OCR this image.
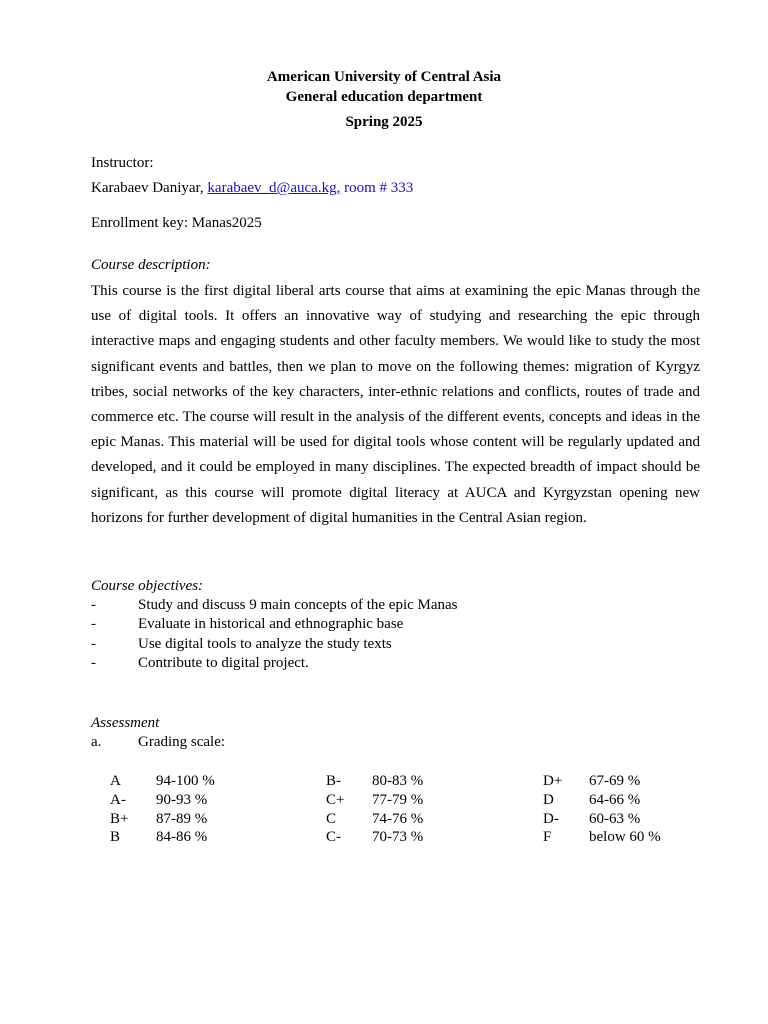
American University of Central Asia
General education department
Spring 2025
Instructor:
Karabaev Daniyar, karabaev_d@auca.kg, room # 333
Enrollment key: Manas2025
Course description:

This course is the first digital liberal arts course that aims at examining the epic Manas through the use of digital tools. It offers an innovative way of studying and researching the epic through interactive maps and engaging students and other faculty members. We would like to study the most significant events and battles, then we plan to move on the following themes: migration of Kyrgyz tribes, social networks of the key characters, inter-ethnic relations and conflicts, routes of trade and commerce etc. The course will result in the analysis of the different events, concepts and ideas in the epic Manas. This material will be used for digital tools whose content will be regularly updated and developed, and it could be employed in many disciplines. The expected breadth of impact should be significant, as this course will promote digital literacy at AUCA and Kyrgyzstan opening new horizons for further development of digital humanities in the Central Asian region.

Course objectives:
-	Study and discuss 9 main concepts of the epic Manas
-	Evaluate in historical and ethnographic base
-	Use digital tools to analyze the study texts
-	Contribute to digital project.
Assessment
a. Grading scale:
A 94-100 %
A- 90-93 %
B+ 87-89 %
B 84-86 %
B- 80-83 %
C+ 77-79 %
C 74-76 %
C- 70-73 %
D+ 67-69 %
D 64-66 %
D- 60-63 %
F	below 60 %
